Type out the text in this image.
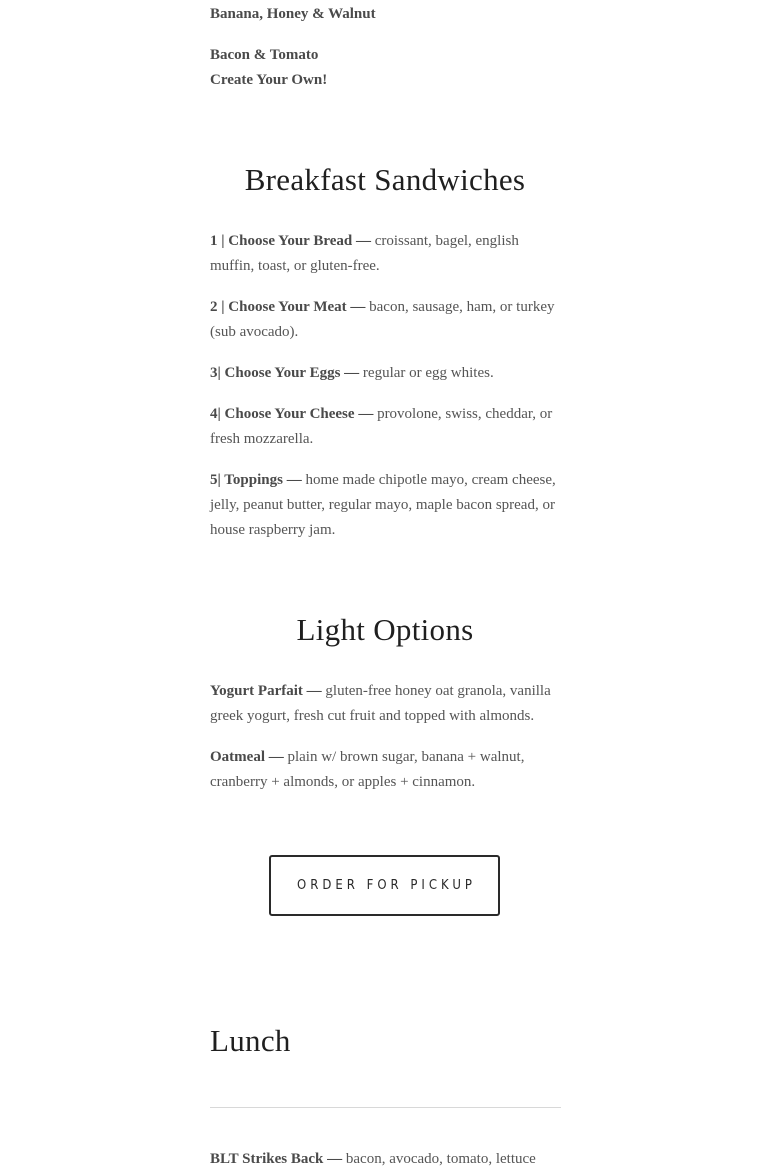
Banana, Honey & Walnut

Bacon & Tomato

Create Your Own!

Breakfast Sandwiches

1 | Choose Your Bread — croissant, bagel, english muffin, toast, or gluten-free.

2 | Choose Your Meat — bacon, sausage, ham, or turkey (sub avocado).

3| Choose Your Eggs — regular or egg whites.

4| Choose Your Cheese — provolone, swiss, cheddar, or fresh mozzarella.

5| Toppings — home made chipotle mayo, cream cheese, jelly, peanut butter, regular mayo, maple bacon spread, or house raspberry jam.

Light Options

Yogurt Parfait — gluten-free honey oat granola, vanilla greek yogurt, fresh cut fruit and topped with almonds.

Oatmeal — plain w/ brown sugar, banana + walnut, cranberry + almonds, or apples + cinnamon.

ORDER FOR PICKUP
Lunch

BLT Strikes Back — bacon, avocado, tomato, lettuce
